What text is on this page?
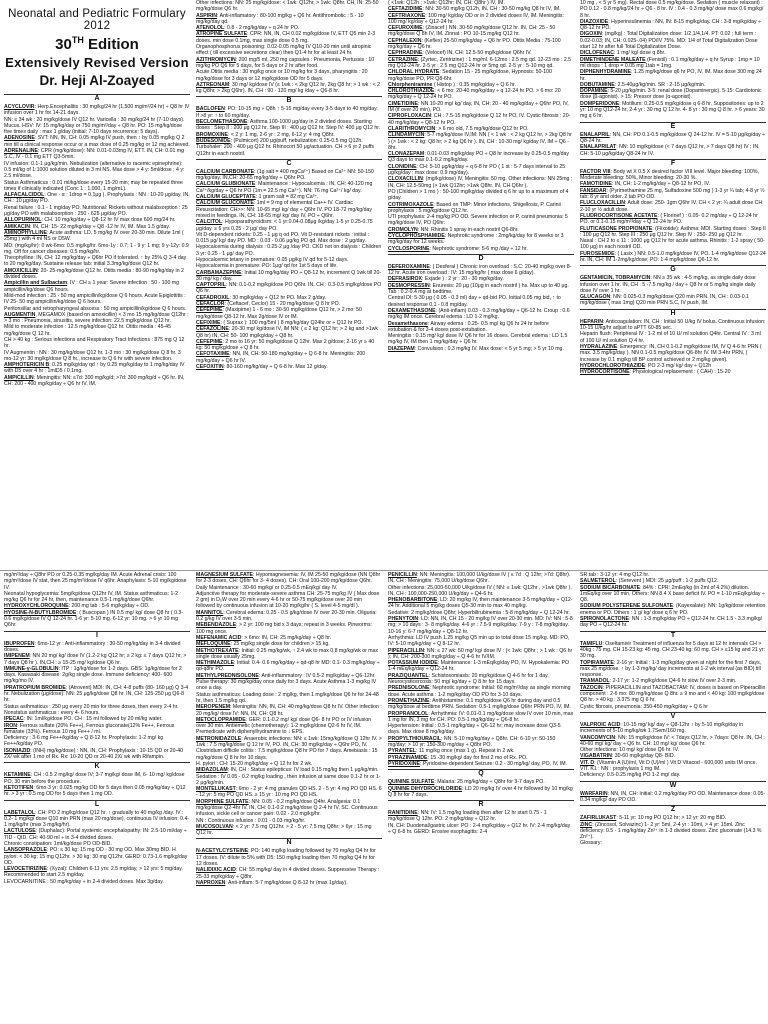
Neonatal and Pediatric Formulary 2012
30TH Edition
Extensively Revised Version
Dr. Heji Al-Zoayed
A
ACYCLOVIR: Herp.Encephalitis : 30 mg/kg/24 hr (1,500 mg/m²/24 hr) ÷ Q8 hr IV infusion over 1 hr for 14-21 days.
NN: ≤ 34 wk : 20 mg/kg/dose IV Q12 hr. Varicella : 30 mg/kg/24 hr (7-10 days).
Mucus. HSV: IV: 15 mg/kg/day or 750 mg/m²/day ÷ Q8 hr. PO: 15 mg/kg/dose five times daily : max 1 g/day (initial: 7-10 days recurrence: 5 days).
ADENOSINE: SVT: NN, IN, CH: 0.05 mg/kg IV push, then ↑ by 0.05 mg/kg Q 2 min till a clinical response occur or a max dose of 0.25 mg/kg or 12 mg achieved.
ADRENALINE: CPR (mg/kg/dose): NN: 0.01-0.03mg IV, ETT. IN, CH: 0.01 mg S.C, IV - 0.1 mg ETT Q3-5min.
IV infusion: 0.1-1 μg/kg/min. Nebulization (alternative to racemic epinephrine): 0.5 ml/kg of 1:1000 solution diluted in 3 ml NS. Max dose > 4 y: 5ml/dose ; 4 y: 2.5 ml/dose.
Status Asthmaticus : 0.01 ml/kg/dose every 15-20 min; may be repeated three times if clinically indicated (Conc 1 : 1,000, 1 mg/mL).
ALFACALCIDOL: One - α : 1drop = 0.1μg ). Prophylaxis : NN : 10-20 μg/day, IN, CH : 10 μg/day PO.
Renal failure : 0.1 - 1 mg/day PO. Nutritional: Rickets without malabsorption : 25 μg/day PO with malabsorption : 250 - 625 μg/day PO.
ALLOPURINOL: CH. 10 mg/kg/day ÷ Q8-12 hr IV max dose 600 mg/24 hr.
AMIKACIN: IN, CH: 15- 22 mg/kg/day ÷ Q8 -12 hr IV, IM. Max 1.5 g/day.
AMINOPHYLLINE: Acute asthma: LD, 5 mg/kg IV over 20-30 min. Dilute 1ml ( 25mg ) with 4 ml NS or D5W.
MD: (mg/kg/hr): 0 wk-6mo: 0.5 mg/kg/hr. 6mo-1y : 0.7; 1 - 9 y: 1 mg; 9 y-12y: 0.9 mg. Off for cancer diseases: 0.5 mg/kg/hr.
Theophylline: IN, CH: 12 mg/kg/day ÷ Q6hr PO if tolerated. ↑ by 25% Q 3-4 day to 20 mg/kg/day. Sustaine release tab: initial 3.3mg/kg/dose Q12 hr.
AMOXICILLIN: 20- 25-mg/kg/dose Q12 hr. Otitis media : 80-90 mg/kg/day in 2 divided doses.
Ampicillin and Sulbactam: IV : CH ≥ 1 year: Severe infection : 50 - 100 mg ampicillin/kg/dose Q6 hours.
Mild-mod infection : 25 - 50 mg ampicillin/kg/dose Q 6 hours. Acute Epiglottitis : IV 25- 50 mg ampicillin/kg/dose Q 6 hours.
Peritonsillar and retropharyngeal abscess : 50 mg ampicillin/kg/dose Q 6 hours.
AUGMENTIN, MEGAMOX (based on amoxicillin) < 3 mo 15 mg/kg/dose Q12hr ; > 3 mo : Pneumonia, sinusitis, severe infection: 22.5 mg/kg/dose Q12 hr.
Mild to moderate infection : 12.5 mg/kg/dose Q12 hr. Otitis media : 45-45 mg/kg/dose Q 12 hr.
CH > 40 kg : Serious infections and Respiratory Tract Infections : 875 mg Q 12 hr.
IV Augmentin : NN : 30 mg/kg/dose Q12 hr. 1-3 mo : 30 mg/kg/dose Q 8 hr. 3 mo-12 yr: 30 mg/kg/dose Q 8 hr., increase to Q 6 hr with severe infection.
AMPHOTERICIN B: 0.25 mg/kg/day qd ↑ by 0.25 mg/kg/day to 1 mg/kg/day IV with D5 over 4 hr : 1mlD5 / 0.1mg.
AMPICILLIN: Meningitis: NN: ≤7d: 300 mg/kg/d; >7d: 300 mg/kg/d ÷ Q6 hr. IN, CH: 200 - 400 mg/kg/day ÷ Q6 hr IV, IM.
Other infections: NN: 25 mg/kg/dose: < 1wk: Q12hr, > 1wk: Q8hr. CH, IN: 25-50 mg/kg/dose Q6 hr.
ASPIRIN: Anti-inflamatory : 80-100 mg/kg ÷ Q6 hr. Antithrombotic : 5 - 10 mg/kg/day qd.
ATENOLOL: 0.8 - 2 mg/kg/day ÷ q 24 hr PO.
ATROPINE SULFATE: CPR: NN, IN, CH 0.02 mg/kg/dose IV, ETT Q5 min 2-3 doses. min dose 0.1mg, max single dose 0.5 mg.
Organophosphorus poisoning: 0.02-0.05 mg/kg IV Q10-20 min until atropinic effect ( till excessive secretions clear) then Q1-4 hr for at least 24 hr.
AZITHROMYCIN: 200 mg/5 ml, 250 mg capsules : Pneumonia, Pertussis : 10 mg/kg PO Q6 for 5 days, for 5 days or 2 hr after food.
Acute Otitis media : 30 mg/kg once or 10 mg/kg for 3 days, pharyngitis : 20 mg/kg/dose for 3 days or 12 mg/kg/dose OD for 5 days.
AZTREONAM: 30 mg/ kg/dose IV (≤ 1wk : < 2kg Q12 hr, 2kg Q8 hr; > 1 wk : < 2 kg Q8hr, > 2kg Q6hr). IN, CH : 90 - 120 mg/ kg /day ÷ Q6-8 hr.
B
BACLOFEN: PO: 10-15 mg ÷ Q8h ↑ 5-15 mg/day every 3-5 days to 40 mg/day. If >8 yr: ↑ to 60 mg/day.
BECLOMETHASONE: Asthma 100-1000 μg/day in 2 divided doses. Starting doses : Step II : 200 μg Q12 hr. Step III : 400 μg Q12 hr. Step IV: 400 μg Q12 hr.
BROMOXINE: < 2 y: 1 mg, 2-6 yr : 2 mg, 6-12 y: 4 mg Q8hr.
BUDESONIDE: (Pulmicort) 200 μg/puff, nebulization: 0.25-0.5 mg Q12h. Turbuhaler: 200 - 400 μg Q12 hr. Rhinocort 50 μg/actuation. CH > 6 yr 2 puffs Q12hr in each nostril.
C
CALCIUM CARBONATE: (1g salt = 400 mgCa²⁺) Based on Ca²⁺ NN: 50-150 mg/kg/day, IN,CH: 20-65 mg/kg/day ÷ Q6hr PO.
CALCIUM GLUBIONATE: Maintenance : Hypocalcemia : IN, CH: 40-120 mg Ca²⁺/kg/day ÷ Q6 hr PO (1m = 22.5 mg Ca²⁺). NN: 76 mg Ca²⁺/ kg/ day.
CALCIUM GLUCEPTATE: 1 gram salt = 82 mg Ca²⁺.
CALCIUM GLUCONATE: 1ml = 9 mg of elemental Ca++ IV. Cardiac Resuscitation: CH>>: NN: 10-65 mg/ kg/ day ÷ Q6hr IV. PO 18-72 mg/kg/day mixed in feedings. IN, CH: 18-65 mg/ kg/ day IV, PO ÷ Q6hr.
CALCITOL: Hypoparathyroidism: < 1 yr:0.04-0.08μg /kg/day 1-5 yr 0.25-0.75 μg/day. ≥ 6 yrs 0.25 - 2 μg/ day PO.
Vit D-dependent rickets: 0.25 - 1 μg q od PO. Vit D-resistant rickets : initial : 0.015 μg/ kg/ day PO. MD : 0.03 - 0.06 μg/kg PO qd. Max dose : 2 μg/day.
Hypocalcemia during dialysis : 0.25-2 μg /day PO. CKD not on dialysis : Children 3 yr: 0.25 - 1 μg/ day PO.
Hypocalcemic tetany in premature: 0.05 μg/kg IV qd for 5-12 days. Hypocalcemia in premature: PO: 1μg/ qd for 1st 5 days of life.
CARBAMAZEPINE: Initial 10 mg/kg/day PO ÷ Q8-12 hr, increment Q 1wk till 20-30 mg/ kg / day.
CAPTOPRIL: NN: 0.1-0.2 mg/kg/dose PO Q6hr. IN, CH : 0.3-0.5 mg/kg/dose PO Q6 hr.
CEFADROXIL: 30 mg/kg/day ÷ Q12 hr PO. Max 2 g/day.
CEFACLOR: (Ceftacef, Ceclor) 15 - 20 mg/kg/dose Q 8 hr PO.
CEFEPIME: (Maxipime) 1 - 6 mo : 30-50 mg/kg/dose Q12 hr, > 2 mo: 50 mg/kg/dose Q8-12 hr. Max 2g/dose IV or IM.
CEFIXIME: ( Suprax ): 100 mg/5ml ) 8 mg/kg/day Q24hr or ÷ Q12 hr PO.
CEFAZOLINE: 20-30 mg/ kg/dose IV, IM NN: ( ≤ 2 kg: Q12 hr; > 2 kg and >1wk Q8 hr) IN, CH: 50- 100 mg/kg/day ÷ Q8 hr.
CEFEPIME: 2 mo to 16 yr: 50 mg/kg/dose Q 12hr. Max 2 g/dose; 2-16 yr ≥ 40 kg: 50 mg/kg/dose ÷ Q 8 hr.
CEFOTAXIME: NN, IN, CH: 50-180 mg/kg/day ÷ Q 6-8 hr. Meningitis: 200 mg/kg/day ÷ Q6 hr IV.
CEFOXITIN: 80-160 mg/kg/day ÷ Q 6-8 hr. Max 12 g/day.
( <1wk: Q12h ; >1wk: Q12hr; IN, CH: Q8hr ) IV, IM.
CEFTAZIDIME: NN: 30-50 mg/kg Q12h, IN, CH : 30-50 mg/kg Q8 hr IV, IM.
CEFTRIAXONE: 100 mg/ kg/day OD or in 2 divided doses IV, IM. Meningitis: 100 mg/ kg/day ÷ Q12-24 hr.
CEFUROXIME: (Zinacef ) NN: 30-50 mg/kg/dose Q12 hr. IN, CH: 25 - 50 mg/kg/dose Q 8h IV, IM. Zinnat : PO 10-15 mg/kg Q12 hr.
CEPHALEXIN: (Keflex) 25-50 mg/kg/day ÷ Q6 hr PO. Otitis Media : 75-100 mg/kg/day ÷ Q6 hr.
CEPHRADINE: (Velocef) IN, CH: 12.5-50 mg/kg/dose Q6hr IV.
CETRAZINE: (Zyrtec, Zentrizine) : 1 mg/ml. 6-12mo : 2.5 mg qd. 12-23 mo : 2.5 mg Q12-24 hr. 2-5 yr : 2.5 mg Q12-24 hr or 5mg qd. 2-5 yr : 5-10 mg qd.
CHLORAL HYDRATE: Sedation 15 - 25 mg/kg/dose, Hypnosis: 50-100 mg/kg/dose PO, PR Q8-6hr.
Chlorpheniramine ( Histop ) : 0.35 mg/kg/day ÷ Q 6 hr.
CHLOROTHIAZIDE: < 6 mo: 20-40 mg/kg/day ÷ q 12-24 hr PO. > 6 mo: 20 mg/kg/day ÷ Q 12-24 hr PO.
CIMETIDINE: NN 10-20 mg/ kg/ day, IN, CH: 20 - 40 mg/kg/day ÷ Q6hr PO, IV, IM (if over 20 min), PO.
CIPROFLOXACIN: CH : 7.5-15 mg/kg/dose Q 12 hr PO, IV. Cystic fibrosis : 20-40 mg/kg/day ÷ Q8-12 hr PO.
CLARITHROMYCIN: > 6 mo old, 7.5 mg/kg/dose Q12 hr PO.
CLINDAMYCIN: 5-7 mg/kg/dose IV,IM: NN ( < 1 wk : < 2 kg Q12 hr, > 2kg Q8 hr ) (> 1wk : < 2 kg: Q8 hr; > 2 kg Q6 hr ). IN, CH : 10-30 mg/ kg/day IV, IM ÷ Q6 - 8hr.
CLONAZEPAM: 0.01-0.03 mg/kg/day PO ÷ Q8 hr increase by 0.25-0.5 mg/day Q3 days to max 0.1-0.2 mg/kg/day.
CLONIDINE: CH: 5-10 μg/kg/day ÷ q 6-8 hr PO ( 1 st : 5-7 days interval to 25 μg/kg/day ; max dose: 0.9 mg/day).
CLOXACILLIN: (mg/kg/dose) IV, Meningitis: 50 mg. Other infections: NN 25mg ; IN, CH: 12.5-50mg (> 1wk Q12hr; >1wk Q8hr. IN, CH Q6hr ).
PO (Children > 1 mo ) : 50-100 mg/kg/day divided q 6 hr up to a maximum of 4 g/day.
COTRIMOXAZOLE: Based on TMP: Minor infections, Shigellosis, P. Carinii prophylaxis : 5 mg/kg/dose Q12 hr.
UTI prophylaxis: 2-4 mg/kg PO OD. Severe infection or P. carinii pneumonia: 5 mg/kg/dose IV, PO Q6hr.
CROMOLYN: NN: Rhinitis 1 spray in each nostril Q6-8hr.
CYCLOPHOSPHAMIDE: Nephrotic syndrome : 2mg/kg/day for 8 weeks or 3 mg/kg/day for 12 weeks.
CYCLOSPORINE: Nephrotic syndrome: 5-6 mg /day ÷ 12 hr.
D
DEFEROXAMINE: ( Desferal ) Chronic iron overload : S.C: 20-40 mg/kg over 8-12 hr. Acute iron overload : IV: 15 mg/kg/hr ( max dose 6 g/day).
DEFRASIROX: Exjade ) : 2 yr : 20 - 30 mg/kg/day.
DESMOPRESSIN: Enuresis: 20 μg (10μg in each nostril ) hs. Max up to 40 μg. Tab : 0.2-0.4 mg at bedtime.
Central DI: 5-30 μg ( 0.05 - 0.3 ml) day ÷ qd-bid PO. Initial 0.05 mg bid, ↑ to desired response 0.1 - 0.8 mg/day.
DEXAMETHASONE: (Anti-inflam) 0.03 - 0.3 mg/kg/day ÷ Q6-12 hr. Croup : 0.6 mg/kg IM once. Cerebral edema : LD 1-2 mg/kg.
Dexamethasone: Airway edema : 0.25- 0.5 mg/ kg Q6 hr 24 hr before extubation & for 3-4 doses post-extubation.
Meningitis : 0.15 mg/ kg/ dose IV Q6 hr for 16 doses. Cerebral edema : LD 1.5 mg/kg IV, IM then 1 mg/kg/day ÷ Q6 hr.
DIAZEPAM: Convulsion : 0.3 mg/kg IV. Max dose: < 5 yr 5 mg; > 5 yr 10 mg.
10 mg , < 5 yr 5 mg). Rectal dose 0.5 mg/kg/dose. Sedation ( muscle relaxant) : PO 0.12 - 0.8 mg/kg/24 hr ÷ Q6 - 8 hr. IV : 0.4 - 0.3 mg/kg/ dose max 0.6 mg/kg/ 8 hr.
DIAZOXIDE: Hyperinsulinemia : NN, IN: 8-15 mg/kg/day. CH : 3-8 mg/kg/day ÷ Q8-12 hr PO.
DIGOXIN: (mg/kg) : Total Digitalization dose: 1/2,1/4,1/4. PT: 0.02 ; full term : 0.02-0.03; IN, CH: 0.025-.04) PO/IV 75%. MD: 1/4 of Total Digitalization Dose start 12 hr after full Total Digitalization Dose.
DICLOFENAC: 1 mg/ kg/ dose q 8hr.
DIMETHINDENE MALEATE (Fenistil) : 0.1 mg/kg/day ÷ q hr Syrup : 1mg = 10 ml drops : 1 drop = 0.05 mg 1tab = 1mg.
DIPHENHYDRAMINE: 1.25 mg/kg/dose q6 hr PO, IV, IM. Max dose 300 mg 24 hr.
DOBUTAMINE: 2.5-40μg/kg/min. SR : 2-15 μg/kg/min.
DOPAMINE: 5-20 μg/kg/min. 3-5: renal dose (Dopaminergic). 5-15: Cardiotonic dose (β-agonist). > 15: Pressor dose (α-agonist).
DOMPERIDONE: Motilium: 0.25-0.5 mg/kg/dose q 6-8 hr. Suppositories: up to 2 yr: 10 mg Q12-24 hr; 2-4 yr : 30 mg Q 12 hr. 4- 8 yr : 30 mg Q 8 hr. > 6 years: 30 mg q 6 hr.
E
ENALAPRIL: NN, CH: PO 0.1-0.5 mg/kg/dose Q 24-12 hr. IV = 5-10 μg/kg/day ÷ Q8-24 hr.
ENALAPRILAT: NN: 10 mg/kg/dose (< 7 days Q12 hr, > 7 days Q8 hr) IV ; IN, CH: 5-10 μg/kg/day Q8-24 hr IV.
F
FACTOR VIII: Body wt X 0.5 X desired factor VIII level. Major bleeding: 100%, Moderate bleeding: 50%, Minor bleeding: 20-30 %.
FAMOTIDINE: IN, CH: 1-2 mg/kg/day ÷ Q8-12 hr PO, IV.
FANSIDAR: (Pyrimethamine 25 mg, Sulfadoxine 500 mg ) 1-3 yr ¼ tab; 4-8 yr ½ tab; 8 yr and older. 2 tab PO OD.
FLUCLOXACILLIN: Adult dose: 250- 1gm Q6hr IV. CH < 2 yr: ¼ adult dose CH 2-10 yr ½ adult dose.
FLUDROCORTISONE ACETATE: ( Florinef ) : 0.05- 0.2 mg/day ÷ Q 12-24 hr PO. or 0.1-0.15 mg/m²/day ÷ Q 12-24 hr PO.
FLUTICASONE PROPIONATE: (Flixotide): Asthma: MDI. Starting doses : Step II : 100 μg Q12 hr. Step III : 250 μg Q12 hr. Step IV : 250- 250 μg Q12 hr.
Nasal : CH 2 to ≤ 11 : 1000 μg Q12 hr for acute asthma. Rhinitis : 1-2 spray ( 50-100 μg) in each nostril OD.
FUROSEMIDE: ( Lasix ) NN: 0.5-1.0 mg/kg/dose IV, PO. 1-4 mg/kg/dose Q12-24 hr. IN, CH: IM 1-2mg/kg/dose; PO: 1-4 mg/kg/dose Q6-12 hr.
G
GENTAMICIN, TOBRAMYCIN: NN ≥ 35 wk : 4-5 mg/kg, as single daily dose infusion over 1 hr. IN, CH : 5 -7.5 mg/kg / day ÷ Q8 hr or 5 mg/kg single daily dose IV over 1 hr.
GLUCAGON: NN: 0.025-0.3 mg/kg/dose Q20 min PRN. IN, CH : 0.03-0.1 mg/kg/dose ( max 1mg) Q20 min PRN S.C, IV push, IM.
H
HEPARIN: Anticoagulation: IN, CH : Initial 50 U/kg IV bolus. Continuous infusion: 10-15 U/kg/hr adjust to aPTT 60-85 sec.
Heparin flush: Peripheral IV : 1-2 ml of 10 U/ ml solution Q4hr. Central IV : 3 ml of 100 U/ ml solution Q 4 hr.
HYDRALAZINE: Emergency: IN, CH 0.1-0.2 mg/kg/dose IM, IV Q 4-6 hr PRN ( max. 3.5 mg/kg/day ). NN 0.1-0.5 mg/kg/dose Q6-8hr IV. IM 3-4hr PRN, ( increase by 0.1 mg/kg till BP control achieved or 2 mg/kg given).
HYDROCHLOROTHIAZIDE: PO 2-3 mg/ kg/ day ÷ Q12h
HYDROCORTISONE: Physiological replacement : ( CAH) : 15-20
mg/m²/day ÷ Q8hr PO or 0.25-0.35 mg/kg/day IM. Acute Adrenal crisis: 100 mg/m²/dose IV stat, then 25 mg/m²/dose IV q6hr. Anaphylaxis: 5-10 mg/kg/dose IV.
Neonatal hypoglycemia: 5mg/kg/dose Q12hr IV, IM. Status asthmaticus: 1-2 mg/kg Q6 hr for 24 hr, then, maintenance 0.5-1 mg/kg/dose Q6hr.
HYDROXYCHLOROQUINE: 200 mg tab : 5-6 mg/kg/day ÷ OD.
HYOSINE-N-BUTYLBROMIDE: ( Buscopan ) IN 0.5 mg/ kg/ dose Q8 hr ( 0.3-0.6 mg/kg/dose IV Q 12-24 hr. 1-6 yr: 5-10 mg. 6-12 yr: 10 mg. > 6 yr 10 mg Q6hr.
I
IBUPROFEN: 6mo-12 yr : Anti-inflammatory : 30-50 mg/kg/day in 3-4 divided doses.
IMIPENEM: NN 20 mg/ kg/ dose IV (1.2-2 kg Q12 hr; ≥ 2 kg: ≤ 7 days Q12 hr, > 7 days Q8 hr ). IN,CH : ≥ 15-25 mg/ kg/dose Q6 hr.
IMMUNE-γ-GLOBULIN: ITP : 1g/kg/dose for 1-2 days. GBS: 1g/kg/dose for 2 days. Kawasaki disease: 2g/kg single dose. Immune deficiency: 400- 600 mg/kg/mo IV.
IPRATROPIUM BROMIDE: (Atrovent) MDI: IN, CH: 4-8 puffs (80- 160 μg) Q 3-4 hr. Nebulization (μg/dose): NN: 25 μg/kg/dose Q8 hr. IN, CH: 125-250 μg Q6-8 hr.
Status asthmaticus : 250 μg every 20 min for three doses, then every 2-4 hr. Nonstatus asthmaticus : every 4- 6 hours.
IPECAC: IN: 1ml/kg/dose PO. CH : 15 ml followed by 20 ml/kg water.
IRON: Ferrous sulfate (20% Fe++), Ferrous gluconate(12% Fe++, Ferrous fumarate (33%). Ferrous 10 mg Fe++ / ml.
Deficiency : 3-6 mg Fe++/kg/day ÷ Q 8-12 hr. Prophylaxis: 1-2 mg/ kg Fe++/kg/day PO.
ISONIAZID: (INH) mg/kg/dose) : NN, IN, CH: Prophylaxis : 10-15 QD or 20-40 2X/ wk after 1 mo of Rx. Rx: 10-20 QD or 20-40 2X/ wk with Rifampin.
K
KETAMINE: CH : 0.5 2 mg/kg/ dose IV; 3-7 mg/kg/ dose IM, 6- 10 mg/ kg/dose PO, 30 min before the procedure.
KETOTIFEN: 6mo-3 yr: 0.025 mg/kg OD for 5 days then 0.05 mg/kg/day ÷ Q12 hr. > 3 yr : 0.5 mg OD for 5 days then 1 mg OD.
L
LABETALOL: CH: PO 2 mg/kg/dose Q12 hr. ↑ gradually to 40 mg/kg /day. IV : 0.2- 1 mg/kg/ dose Q10 min PRN (max 20 mg/dose), continuous IV infusion: 0.4-1 mg/kg/hr (max 3 mg/kg/hr).
LACTULOSE: (Duphalac): Portal systemic encephalopathy: IN: 2.5-10 ml/day ÷ TID - QID. CH: 40-90 ml ÷ in 3-4 divided doses.
Chronic constipation: 1ml/kg/dose PO OD-BID.
LANSOPRAZOLE: PO: ≤ 30 kg: 15 mg OD - 30 mg OD. Max 30mg BID. H pylori: < 30 kg: 15 mg Q12hr. > 30 kg: 30 mg Q12hr. GERD: 0.73-1.6 mg/kg/day OD.
LEVOCETIRIZINE: (Xyzal): Children 6-11 yrs: 2.5 mg/day, > 12 yrs: 5 mg/day. Recommended to start 2.5 mg/day.
LEVOCARNITINE : 50 mg/kg/day ÷ in 2-4 divided doses. Max 3g/day.
MAGNESIUM SULFATE: Hypomagnesemia: IV, IM 25-50 mg/kg/dose (NN Q8hr for 2-3 doses, CH: Q6hr for 3- 4 doses). CH: Oral 100-200 mg/kg/dose Q6hr. Daily Maintenance : 30-60 mg/kg/ or 0.25-0.5 mEq/kg/ day IV.
Adjunctive therapy for moderate-severe asthma CH: 25-75 mg/kg IV ( Max dose 2 gm) in D₅W over 20 min every 4-6 hr or 50-75 mg/kg/dose over 20 min followed by continuous infusion at 10-20 mg/kg/hr ( S. level 4-5 mg/dl ).
MANNITOL: Cerebral edema: 0.25 - 0.5 g/kg/dose IV over 20-30 min. Oliguria: 0.2 g/kg IV over 3-5 min.
MEBENDAZOLE: > 2 yr: 100 mg bid x 3 days; repeat in 3 weeks. Pinworms: 100 mg once.
MEFENAMIC ACID: > 6mo: IN, CH: 25 mg/kg/day ÷ Q8 hr.
MEFLOQUINE: 25 mg/kg single dose for children > 15 kg.
METHOTREXATE: Initial: 0.25 mg/kg/wk, ↑ 2.4 wk to max 0.8 mg/kg/wk or max single dose usually 25mg.
METHIMAZOLE: Initial: 0.4- 0.6 mg/kg/day ÷ qd-q8 hr MD: 0.1- 0.3 mg/kg/day ÷ qd-q8hr PO.
METHYLPREDNISOLONE: Anti-inflammatory : IV 0.5-2 mg/kg/day ÷ Q6-12hr. Pulse therapy: 30 mg/kg/day once daily for 3 days. Acute Asthma 1-3 mg/kg IV once a day.
Status asthmaticus: Loading dose : 2 mg/kg, then 1 mg/kg/dose Q6 hr for 24-48 hr, then 1.5 mg/kg qd.
MEROPENEM: Meningitis: NN, IN, CH: 40 mg/kg/dose Q8 hr IV. Other infection : 20 mg/kg/ dose IV: NN, IN, CH: Q8 hr.
METOCLOPRAMIDE: GER: 0.1-0.2 mg/ kg/ dose Q6- 8 hr PO or IV infusion over 30 min. Antiemetic (chemotherapy): 1-2 mg/kg/dose Q2-6 hr IV, IM.
Premedicate with diphenylhydramine to ↓ EPS.
METRONIDAZOLE: Anaerobic infections: NN: ≤ 1wk: 15mg/kg/dose Q 12hr IV. > 1wk : 7.5 mg/kg/dose Q 12 hr IV, PO. IN, CH: 30 mg/kg/day ÷ Q6hr PO, IV.
Clostridium difficile colitis : 7.5 mg/kg/dose Q8 hr PO for 7 days. Amebiasis : 15 mg/kg/dose Q 8 hr for 10 days.
H. pylori : CH: 15-20 mg/kg/day ÷ Q 12 hr for 2 wk.
MIDAZOLAM: IN, CH : Status epilepticus: IV load 0.15 mg/kg then 1 μg/kg/min. Sedation : IV 0.05 - 0.2 mg/kg loading , then infusion at same dose 0.1-2 hr or 1-2 μg/kg/min.
MONTELUKAST: 6mo - 2 yr: 4 mg granules QD HS. 2 - 5 yr: 4 mg PO QD HS. 6 - 12 yr: 5 mg PO QD HS. ≥ 15 yr : 10 mg PO QD HS.
MORPHINE SULFATE: NN: 0.05 - 0.2 mg/kg/dose Q4hr. Analgesia: 0.1 mg/kg/dose Q2-4hr IV. IN, CH: 0.1-0.2 mg/kg/dose Q 2-4 hr IV, SC. Continuous infusion, sickle cell or cancer pain: 0.02 - 2.0 mg/kg/hr.
NN : Continuous infusion : 0.01 - 0.03 mg/kg/hr.
MUCOSOLVAN: < 2 yr: 7.5 mg Q12hr. > 2 - 5 yr: 7.5 mg Q8hr; > 6yr : 15 mg Q12 hr.
N
N-ACETYLCYSTEINE: PO: 140 mg/kg loading followed by 70 mg/kg Q4 hr for 17 doses. IV: dilute to 5% with D5: 150 mg/kg loading then 70 mg/kg Q4 hr for 12 doses.
NALIDIXIC ACID: CH: 55 mg/kg/ day in 4 divided doses. Suppressive Therapy : 25-33 mg/kg/day ÷ Q8hr.
NAPROXEN: Anti-inflam: 5-7 mg/kg/dose Q 8-12 hr (max 1g/day).
PENICILLIN: NN: Meningitis: 100,000 U/kg/dose IV ( ≤ 7d : Q 12hr; >7d: Q8hr). IN, CH : Meningitis: 75,000 U/kg/dose Q6hr.
Other infections: 25,000-50,000 U/kg/dose IV ( NN: ≤ 1wk: Q12hr , >1wk Q8hr ). IN, CH : 100,000-250,000 U/kg/day ÷ Q4-6 hr.
PHENOBARBITONE: LD: 20 mg/kg IV, then maintenance 3-5 mg/kg/day ÷ Q12-24 hr. Additional 5 mg/kg doses Q5-30 min to max 40 mg/kg.
Sedative: 2 mg/kg/dose Q8hr; Hyperbilirubinemia : 5-8 mg/kg/day ÷ Q 12-24 hr.
PHENYTOIN: LD: NN, IN, CH 15 - 20 mg/kg IV over 20-30 min. MD: IV: NN : 5-8 mg; > 10 days : 3- 8 mg/kg/day. 4-6 yr : 7.5-9 mg/kg/day. 7-9 y : 7-8 mg/kg/day. 10-16 y: 6-7 mg/kg/day ÷ Q8-12 hr.
Arrhythmia: LD IV push 1.25 mg/kg Q5 min up to total dose 15 mg/kg. MD: PO, IV: 5-10 mg/kg/day ÷ Q 8-12 hr.
PIPERACILLIN: NN: ≤ 27 wk: 50 mg/ kg/ dose IV : (< 1wk: Q8hr ; > 1 wk : Q6 hr ); IN, CH: 200-300 mg/kg/day ÷ Q 4-6 hr IV/IM.
POTASSIUM IODIDE: Maintenance: 1-3 mEq/kg/day PO, IV. Hypokalemia: PO 1-4 mEq/kg/day ÷ Q12-24 hr.
PRAZIQUANTEL: Schistosomiasis: 20 mg/kg/dose Q 4-6 hr for 1 day. Neurocysticercosis: 50 mg/ kg/day ÷ Q 8 hr for 15 days.
PREDNISOLONE: Nephrotic syndrome: Initial: 60 mg/m²/day as single morning dose. Acute asthma : 1-2 mg/kg/day OD PO for 3-10 days.
PROMETHAZINE: Antihistamine: 0.1 mg/kg/dose Q6 hr during day and 0.5 mg/kg/dose at bedtime PRN. Sedation: 0.5-1 mg/kg/dose Q6hr PRN PO, IV, IM.
PROPRANOLOL: Arrhythmia: IV: 0.01-0.1 mg/kg/dose slow IV over 10 min, max 1 mg for IN, 3 mg for CH. PO: 0.5-1 mg/kg/day ÷ Q6-8 hr.
Hypertension: Initial : 0.5-1 mg/kg/day ÷ Q6-12 hr; may increase dose Q3-5 days. Max dose 8 mg/kg/day.
PROPYLTHIOURACIL: NN: 5-10 mg/kg/day ÷ Q8hr. CH: 6-10 yr: 50-150 mg/day; > 10 yr: 150-300 mg/day ÷ Q8hr PO.
PYRANTEL: 11 mg/kg once (max 1 g). Repeat in 2 wk.
PYRAZINAMIDE: 15 -30 mg/kg/ day for first 2 mo of Rx. PO.
PYRIDOXINE: Pyridoxine-dependent Seizure: 0.2 - 30 mg/kg/ day, PO, IV, IM.
Q
QUININE SULFATE: Malaria: 25 mg/kg/day ÷ Q8hr for 3-7 days PO.
QUININE DIHYDROCHLORIDE: LD 20 mg/kg IV over 4 hr followed by 10 mg/kg Q 8 hr for 7 days.
R
RANITIDINE: NN: IV: 1.5 mg/kg loading then after 12 hr start 0.75 - 1 mg/kg/dose Q 12hr. PO: 2 mg/kg/day ÷ Q12 hr.
IN, CH: Duodenal/gastric ulcer: PO : 2-4 mg/kg/day ÷ Q12 hr. IV: 2-4 mg/kg/day ÷ Q 6-8 hr. GERD: Erosive esophagitis: 2-4
SR tab : 3-12 yr: 4 mg Q12 hr.
SALMETEROL: (Serevent ) MDI: 25 μg/puff : 1-2 puffs Q12.
SODIUM BICARBONATE: 84% : CPR: 2mEq/kg (in 2ml of 4.2%) dilution. 1mEq/kg over 10 min. Others: NN 8.4 X base deficit IV. PO = 1-10 mEq/kg/day ÷ Q8.
SODIUM POLYSTERENE SULFONATE: (Kayexalate): NN: 1g/kg/dose retention enema or PO. Others : 1 g/ kg/ dose q 6 hr PO.
SPIRONOLACTONE: NN : 1-3 mg/kg/day PO ÷ Q12-24 hr. CH 1.5 - 3.3 mg/kg/ day PO ÷ Q12-24 hr.
T
TAMIFLU: Oseltamivir Treatment of influenza for 5 days at 12 hr intervals CH > 40kg : 75 mg. CH 15-23 kg: 45 mg. CH 23-40 kg: 60 mg. CH > ≤15 kg and 21 yr: 30 mg.
TOPIRAMATE: 2-16 yr: initial : 1-3 mg/kg/day given at night for the first 7 days, max 25 mg/dose. ↑ by 1-3 mg/kg/ day increments at 1-2 wk interval (as BID) till response.
TRAMADOL: 2-17 yr: 1-2 mg/kg/dose Q4-6 hr slow IV over 2-3 min.
TAZOCIN: PIPERACILLIN and TAZOBACTAM: IV, doses is based on Piperacillin component : 2-6 mo: 80 mg/kg/dose Q 8hr. ≥ 9 mo and < 40 kg: 100 mg/kg/dose Q8 hr. > 40 kg : 3.375 mg Q 6 hr.
Cystic fibrosis, pneumonia: 350-450 mg/kg/day ÷ Q 6 hr
V
VALPROIC ACID: 10-15 mg/ kg/ day ÷ Q8-12hr ↑ by 5-10 mg/kg/day in increments of 5-10 mg/kg/wk 1.7Sem/160 mg.
VANCOMYCIN: NN: 15 mg/kg/dose IV: < 7days Q12 hr, > 7days: Q8 hr. IN, CH : 40-60 mg/ kg/ day ÷ Q6 hr. CH: 10 mg/ kg/ dose Q6 hr.
Other infections: 10 mg/ kg/ dose Q6 hr. IV.
VIGABATRIN: 30-60 mg/kg/day Q8- BID.
VIT. D: (Vitamin A (U)/ml, Vit D (U)/ml ) Vit D Vitacod - 600,000 units IM once. VIT. K1 : NN : prophylaxis 1 mg IM.
Deficiency: 0.5-0.25 mg/kg PO 1-2 mg/ day.
W
WARFARIN: NN, IN, CH: Initial: 0.2 mg/kg/day PO OD. Maintenance dose: 0.05-0.34 mg/kg/ day PO OD.
Z
ZAFIRLUKAST: 5-11 yr: 10 mg PO Q12 hr; > 12 yr: 20 mg BID.
ZINC: (Zincosol, Solvazinc) 1- 2 yr: 5ml, 2-4 yr : 10ml, > 4 yr: 15ml. Zinc deficiency: 0.5 - 1 mg/kg/day Zn²⁺ in 1-3 divided doses. Zinc gluconate (14.3 % Zn²⁺).
Glossary:
